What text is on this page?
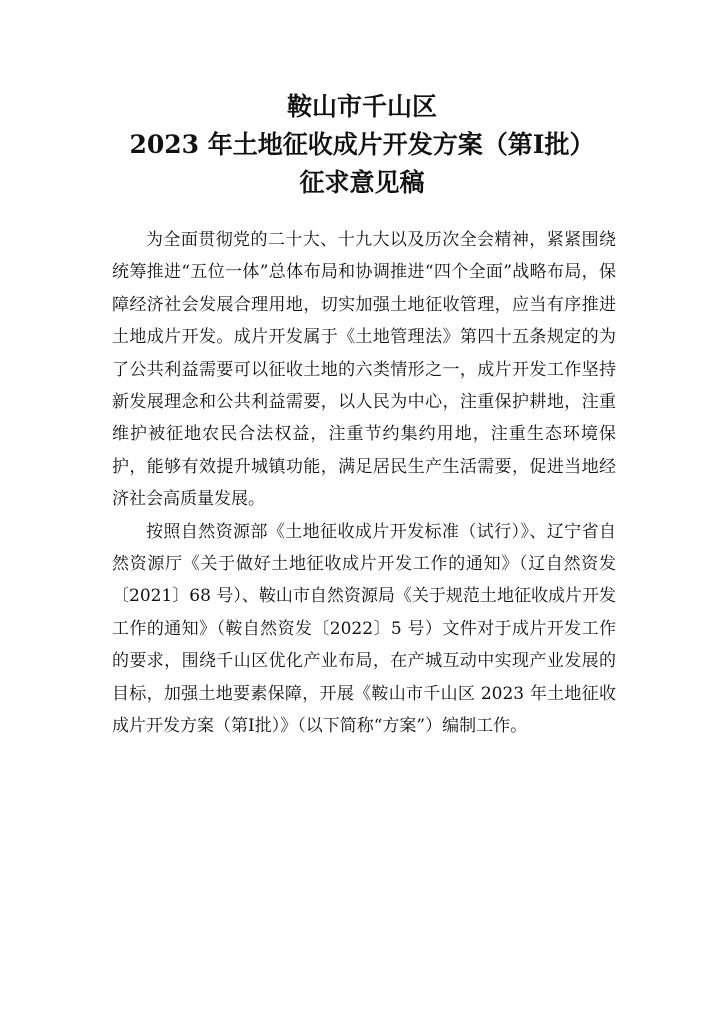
鞍山市千山区
2023 年土地征收成片开发方案（第Ⅰ批）
征求意见稿

为全面贯彻党的二十大、十九大以及历次全会精神，紧紧围绕统筹推进“五位一体”总体布局和协调推进“四个全面”战略布局，保障经济社会发展合理用地，切实加强土地征收管理，应当有序推进土地成片开发。成片开发属于《土地管理法》第四十五条规定的为了公共利益需要可以征收土地的六类情形之一，成片开发工作坚持新发展理念和公共利益需要，以人民为中心，注重保护耕地，注重维护被征地农民合法权益，注重节约集约用地，注重生态环境保护，能够有效提升城镇功能，满足居民生产生活需要，促进当地经济社会高质量发展。

按照自然资源部《土地征收成片开发标准（试行）》、辽宁省自然资源厅《关于做好土地征收成片开发工作的通知》（辽自然资发〔2021〕68 号）、鞍山市自然资源局《关于规范土地征收成片开发工作的通知》（鞍自然资发〔2022〕5 号）文件对于成片开发工作的要求，围绕千山区优化产业布局，在产城互动中实现产业发展的目标，加强土地要素保障，开展《鞍山市千山区 2023 年土地征收成片开发方案（第Ⅰ批）》（以下简称“方案”）编制工作。
